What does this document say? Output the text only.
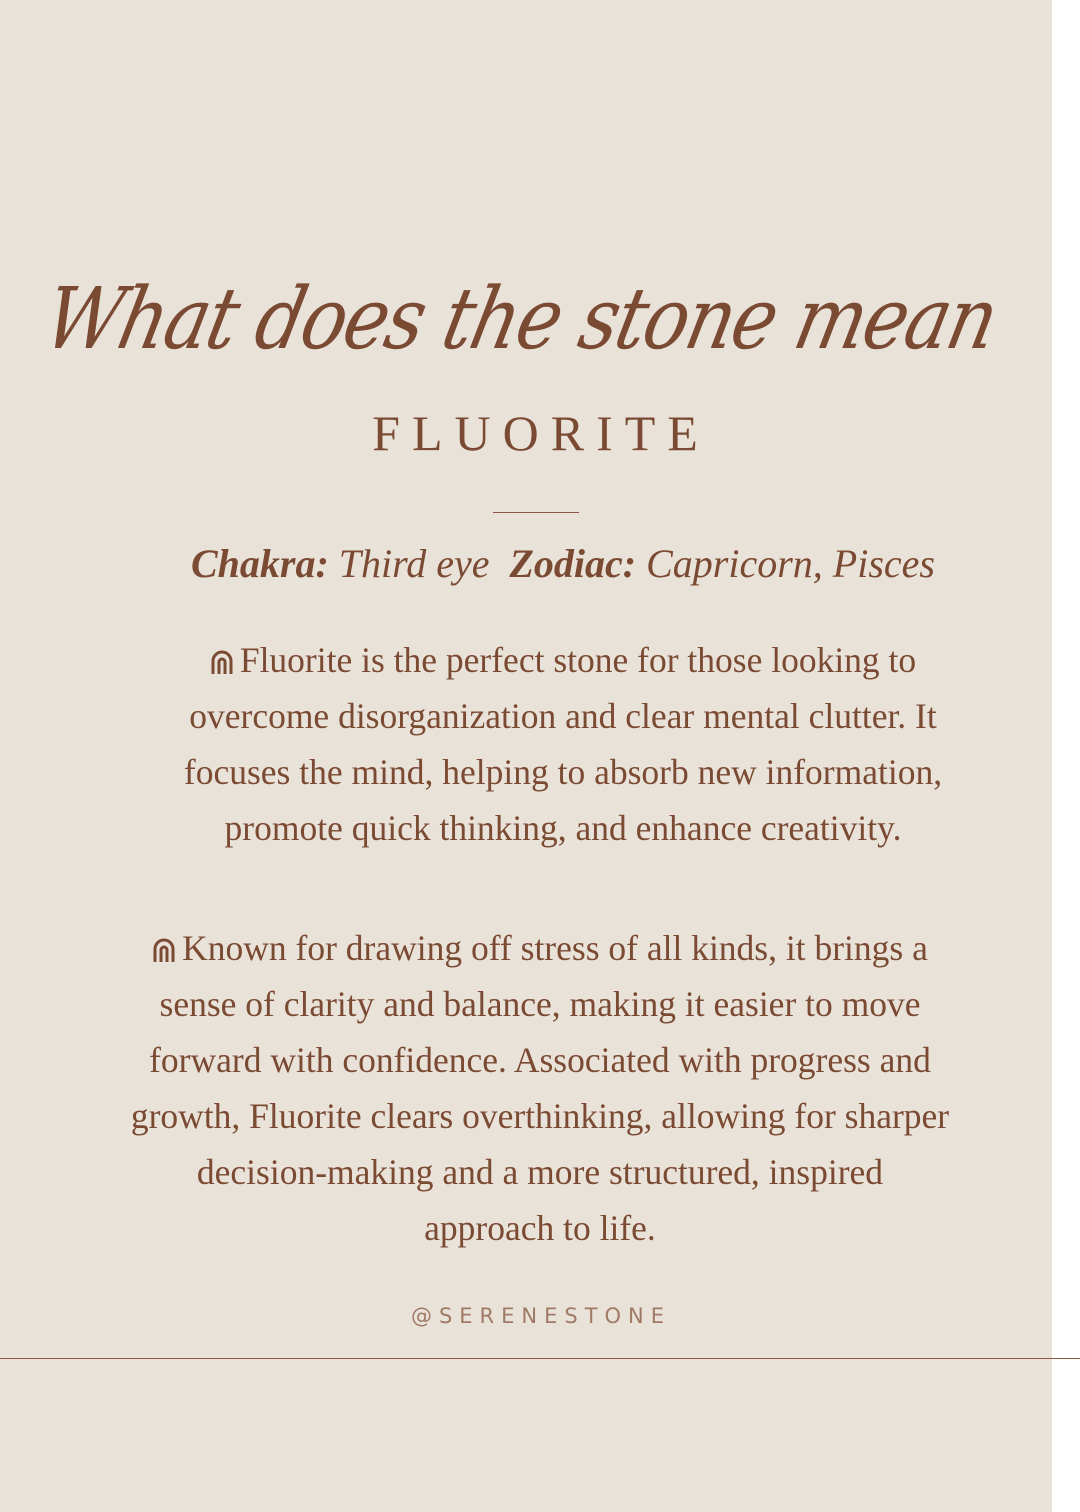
What does the stone mean
FLUORITE
Chakra: Third eye Zodiac: Capricorn, Pisces
Fluorite is the perfect stone for those looking to overcome disorganization and clear mental clutter. It focuses the mind, helping to absorb new information, promote quick thinking, and enhance creativity.
Known for drawing off stress of all kinds, it brings a sense of clarity and balance, making it easier to move forward with confidence. Associated with progress and growth, Fluorite clears overthinking, allowing for sharper decision-making and a more structured, inspired approach to life.
@SERENESTONE
